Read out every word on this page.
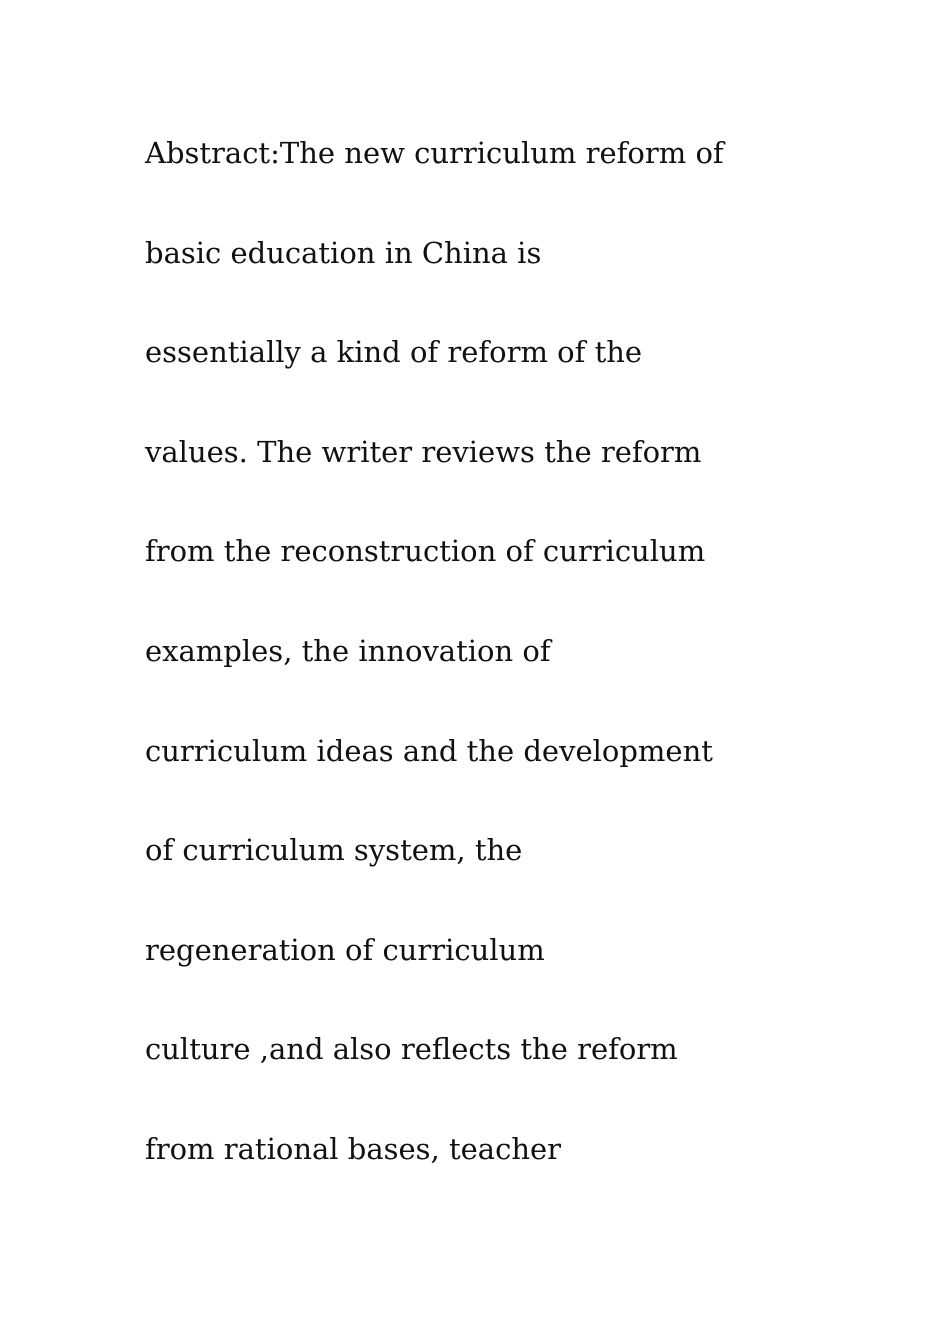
Abstract:The new curriculum reform of
basic education in China is
essentially a kind of reform of the
values. The writer reviews the reform
from the reconstruction of curriculum
examples, the innovation of
curriculum ideas and the development
of curriculum system, the
regeneration of curriculum
culture ,and also reflects the reform
from rational bases, teacher
